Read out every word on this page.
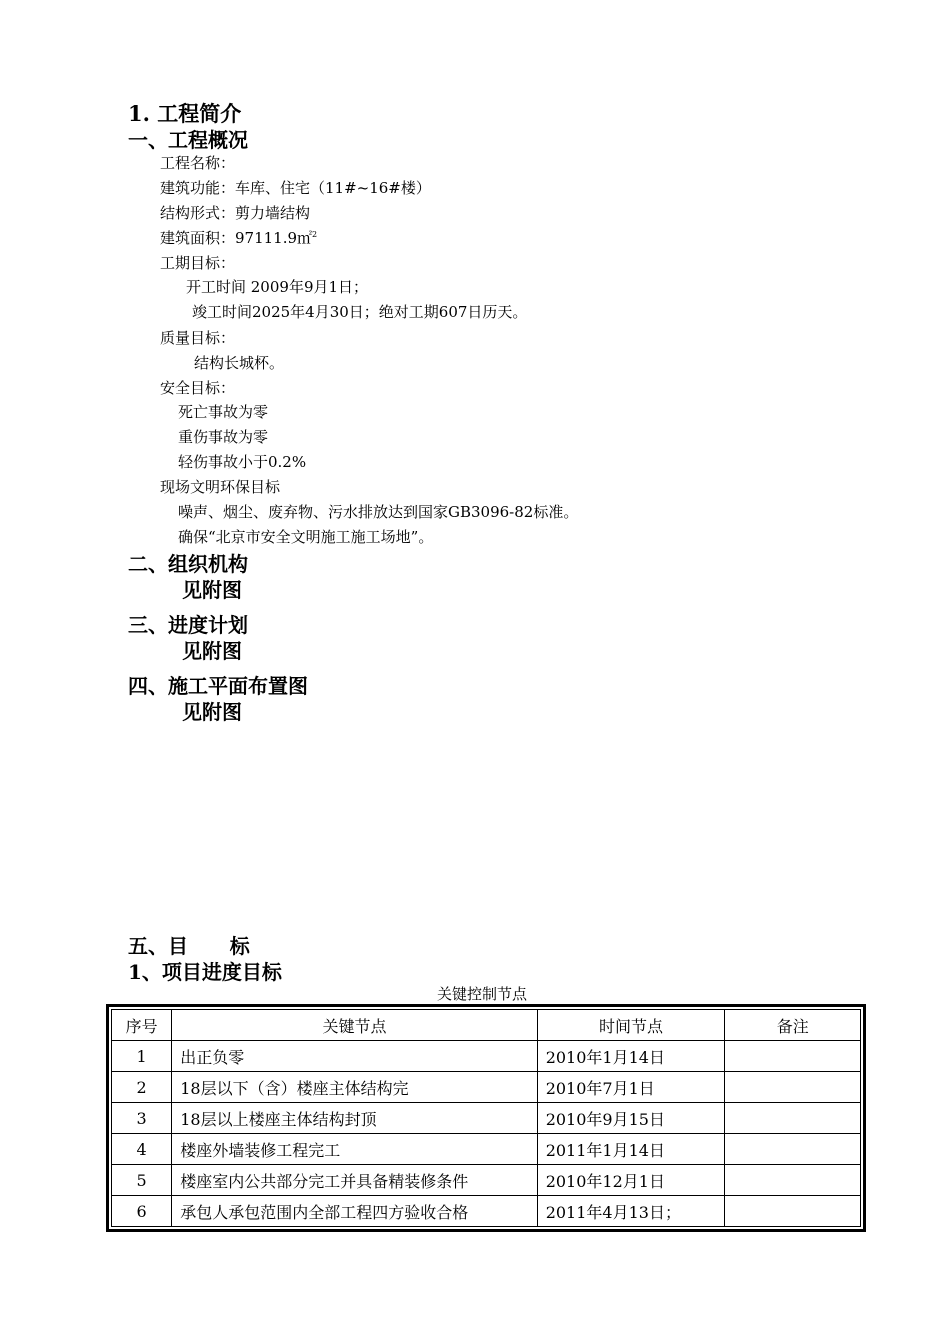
1. 工程简介
一、工程概况
工程名称：
建筑功能：车库、住宅（11#~16#楼）
结构形式：剪力墙结构
建筑面积：97111.9㎡$^2$
工期目标：
开工时间 2009年9月1日；
竣工时间2025年4月30日；绝对工期607日历天。
质量目标：
结构长城杯。
安全目标：
死亡事故为零
重伤事故为零
轻伤事故小于0.2%
现场文明环保目标
噪声、烟尘、废弃物、污水排放达到国家GB3096-82标准。
确保“北京市安全文明施工施工场地”。
二、组织机构
见附图
三、进度计划
见附图
四、施工平面布置图
见附图
五、目      标
1、项目进度目标
关键控制节点
序号	关键节点	时间节点	备注
1	出正负零	2010年1月14日	
2	18层以下（含）楼座主体结构完	2010年7月1日	
3	18层以上楼座主体结构封顶	2010年9月15日	
4	楼座外墙装修工程完工	2011年1月14日	
5	楼座室内公共部分完工并具备精装修条件	2010年12月1日	
6	承包人承包范围内全部工程四方验收合格	2011年4月13日；	
